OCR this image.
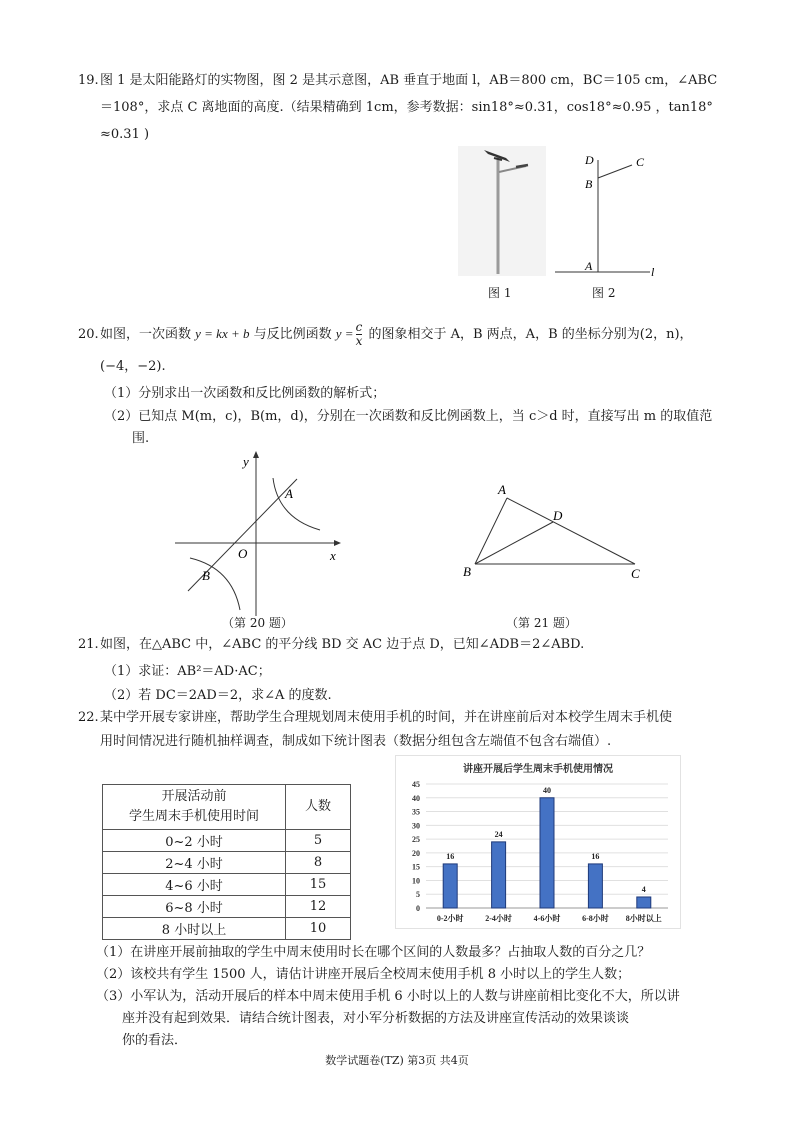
19.图 1 是太阳能路灯的实物图，图 2 是其示意图，AB 垂直于地面 l，AB＝800 cm，BC＝105 cm，∠ABC
＝108°，求点 C 离地面的高度.（结果精确到 1cm，参考数据：sin18°≈0.31，cos18°≈0.95 ，tan18°
≈0.31 )
图 1
D	C
B
A	l
图 2
20.如图，一次函数 y = kx + b 与反比例函数 $y = \frac{c}{x}$ 的图象相交于 A，B 两点，A，B 的坐标分别为(2，n)，
(−4，−2).
（1）分别求出一次函数和反比例函数的解析式；
（2）已知点 M(m，c)，B(m，d)，分别在一次函数和反比例函数上，当 c＞d 时，直接写出 m 的取值范
围.
y
x
O
A
B
（第 20 题）
A
D
B	C
（第 21 题）
21.如图，在△ABC 中，∠ABC 的平分线 BD 交 AC 边于点 D，已知∠ADB＝2∠ABD.
（1）求证：AB²＝AD·AC；
（2）若 DC＝2AD＝2，求∠A 的度数.
22.某中学开展专家讲座，帮助学生合理规划周末使用手机的时间，并在讲座前后对本校学生周末手机使
用时间情况进行随机抽样调查，制成如下统计图表（数据分组包含左端值不包含右端值）.
开展活动前
学生周末手机使用时间	人数
0~2 小时	5
2~4 小时	8
4~6 小时	15
6~8 小时	12
8 小时以上	10
讲座开展后学生周末手机使用情况
0
5
10
15
20
25
30
35
40
45
16
24
40
16
4
0-2小时	2-4小时	4-6小时	6-8小时 8小时以上
（1）在讲座开展前抽取的学生中周末使用时长在哪个区间的人数最多？占抽取人数的百分之几？
（2）该校共有学生 1500 人，请估计讲座开展后全校周末使用手机 8 小时以上的学生人数；
（3）小军认为，活动开展后的样本中周末使用手机 6 小时以上的人数与讲座前相比变化不大，所以讲
座并没有起到效果．请结合统计图表，对小军分析数据的方法及讲座宣传活动的效果谈谈
你的看法．
数学试题卷(TZ) 第3页 共4页
